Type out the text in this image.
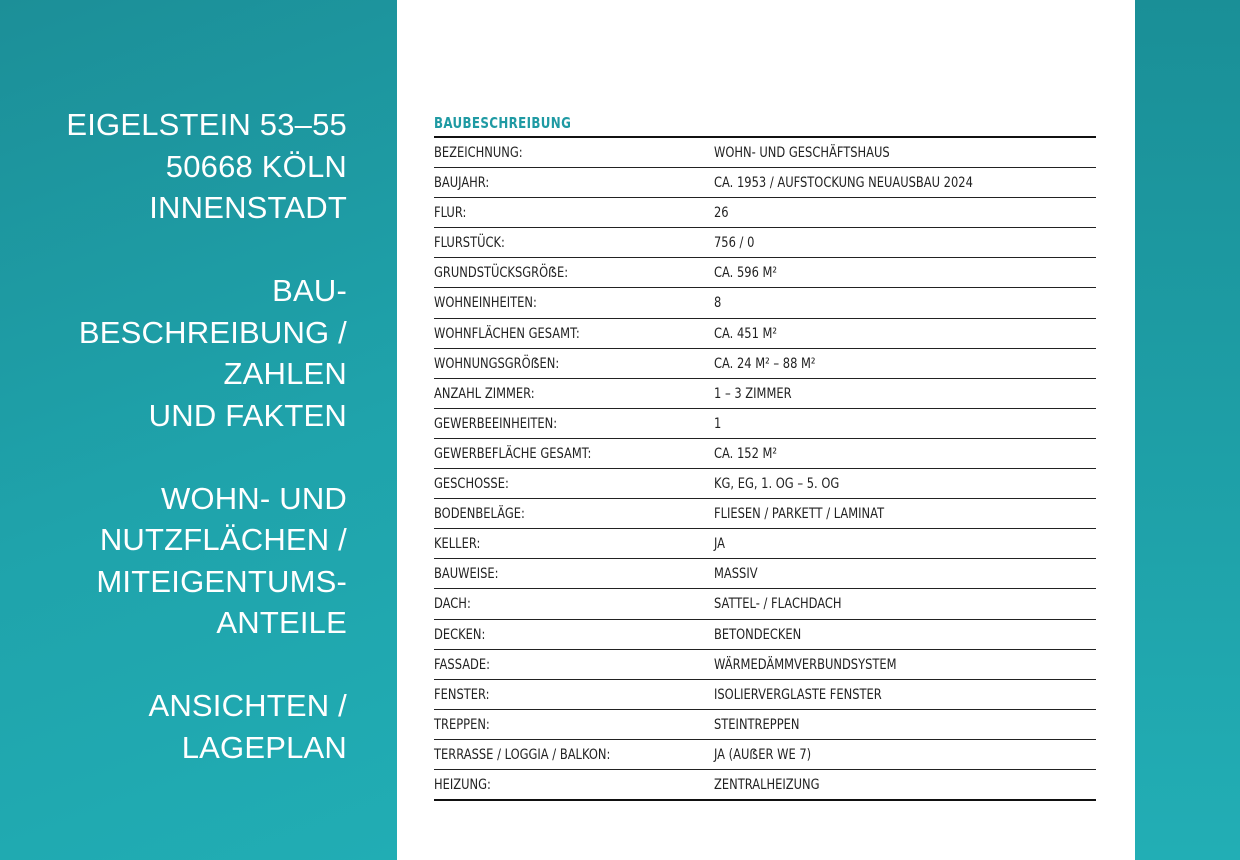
EIGELSTEIN 53–55
50668 KÖLN
INNENSTADT
BAU-
BESCHREIBUNG /
ZAHLEN
UND FAKTEN
WOHN- UND
NUTZFLÄCHEN /
MITEIGENTUMS-
ANTEILE
ANSICHTEN /
LAGEPLAN
BAUBESCHREIBUNG
BEZEICHNUNG:	WOHN- UND GESCHÄFTSHAUS
BAUJAHR:	CA. 1953 / AUFSTOCKUNG NEUAUSBAU 2024
FLUR:	26
FLURSTÜCK:	756 / 0
GRUNDSTÜCKSGRÖẞE:	CA. 596 M²
WOHNEINHEITEN:	8
WOHNFLÄCHEN GESAMT:	CA. 451 M²
WOHNUNGSGRÖẞEN:	CA. 24 M² – 88 M²
ANZAHL ZIMMER:	1 – 3 ZIMMER
GEWERBEEINHEITEN:	1
GEWERBEFLÄCHE GESAMT:	CA. 152 M²
GESCHOSSE:	KG, EG, 1. OG – 5. OG
BODENBELÄGE:	FLIESEN / PARKETT / LAMINAT
KELLER:	JA
BAUWEISE:	MASSIV
DACH:	SATTEL- / FLACHDACH
DECKEN:	BETONDECKEN
FASSADE:	WÄRMEDÄMMVERBUNDSYSTEM
FENSTER:	ISOLIERVERGLASTE FENSTER
TREPPEN:	STEINTREPPEN
TERRASSE / LOGGIA / BALKON:	JA (AUẞER WE 7)
HEIZUNG:	ZENTRALHEIZUNG
